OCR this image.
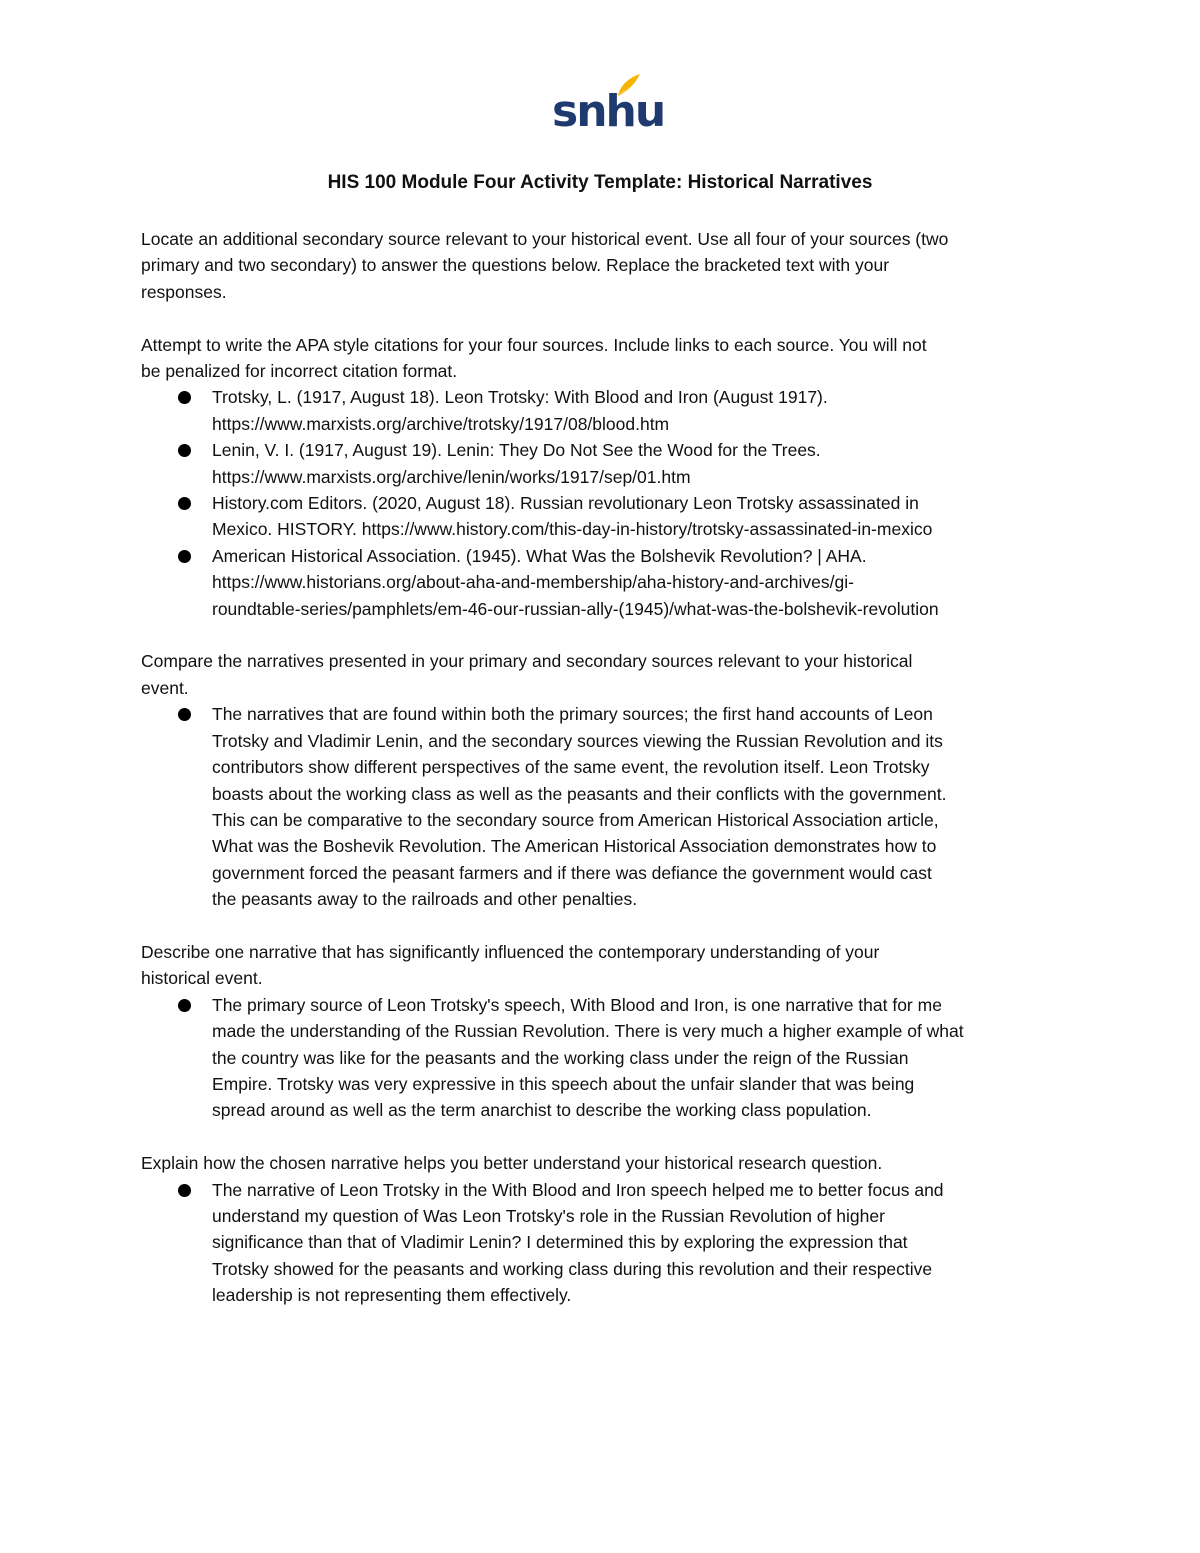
snhu
HIS 100 Module Four Activity Template: Historical Narratives

Locate an additional secondary source relevant to your historical event. Use all four of your sources (two
primary and two secondary) to answer the questions below. Replace the bracketed text with your
responses.

Attempt to write the APA style citations for your four sources. Include links to each source. You will not
be penalized for incorrect citation format.

Trotsky, L. (1917, August 18). Leon Trotsky: With Blood and Iron (August 1917).
https://www.marxists.org/archive/trotsky/1917/08/blood.htm
Lenin, V. I. (1917, August 19). Lenin: They Do Not See the Wood for the Trees.
https://www.marxists.org/archive/lenin/works/1917/sep/01.htm
History.com Editors. (2020, August 18). Russian revolutionary Leon Trotsky assassinated in
Mexico. HISTORY. https://www.history.com/this-day-in-history/trotsky-assassinated-in-mexico
American Historical Association. (1945). What Was the Bolshevik Revolution? | AHA.
https://www.historians.org/about-aha-and-membership/aha-history-and-archives/gi-
roundtable-series/pamphlets/em-46-our-russian-ally-(1945)/what-was-the-bolshevik-revolution

Compare the narratives presented in your primary and secondary sources relevant to your historical
event.

The narratives that are found within both the primary sources; the first hand accounts of Leon
Trotsky and Vladimir Lenin, and the secondary sources viewing the Russian Revolution and its
contributors show different perspectives of the same event, the revolution itself. Leon Trotsky
boasts about the working class as well as the peasants and their conflicts with the government.
This can be comparative to the secondary source from American Historical Association article,
What was the Boshevik Revolution. The American Historical Association demonstrates how to
government forced the peasant farmers and if there was defiance the government would cast
the peasants away to the railroads and other penalties.

Describe one narrative that has significantly influenced the contemporary understanding of your
historical event.

The primary source of Leon Trotsky's speech, With Blood and Iron, is one narrative that for me
made the understanding of the Russian Revolution. There is very much a higher example of what
the country was like for the peasants and the working class under the reign of the Russian
Empire. Trotsky was very expressive in this speech about the unfair slander that was being
spread around as well as the term anarchist to describe the working class population.

Explain how the chosen narrative helps you better understand your historical research question.

The narrative of Leon Trotsky in the With Blood and Iron speech helped me to better focus and
understand my question of Was Leon Trotsky's role in the Russian Revolution of higher
significance than that of Vladimir Lenin? I determined this by exploring the expression that
Trotsky showed for the peasants and working class during this revolution and their respective
leadership is not representing them effectively.
